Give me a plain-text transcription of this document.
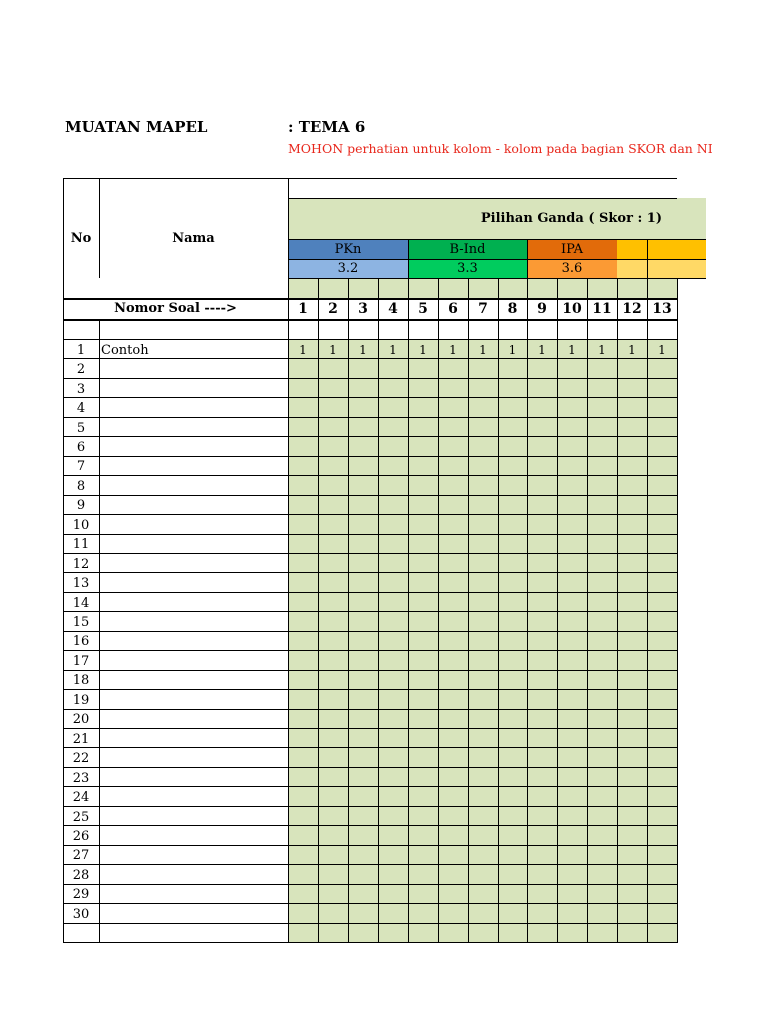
MUATAN MAPEL	: TEMA 6
MOHON perhatian untuk kolom - kolom pada bagian SKOR dan NI
PKn
3.2
B-Ind
3.3
IPA
3.6
No	Nama
Pilihan Ganda ( Skor : 1)
Nomor Soal ---->	1	2	3	4	5	6	7	8	9	10 11 12 13
1	Contoh	1	1	1	1	1	1	1	1	1	1	1	1	1
2
3
4
5
6
7
8
9
10
11
12
13
14
15
16
17
18
19
20
21
22
23
24
25
26
27
28
29
30
